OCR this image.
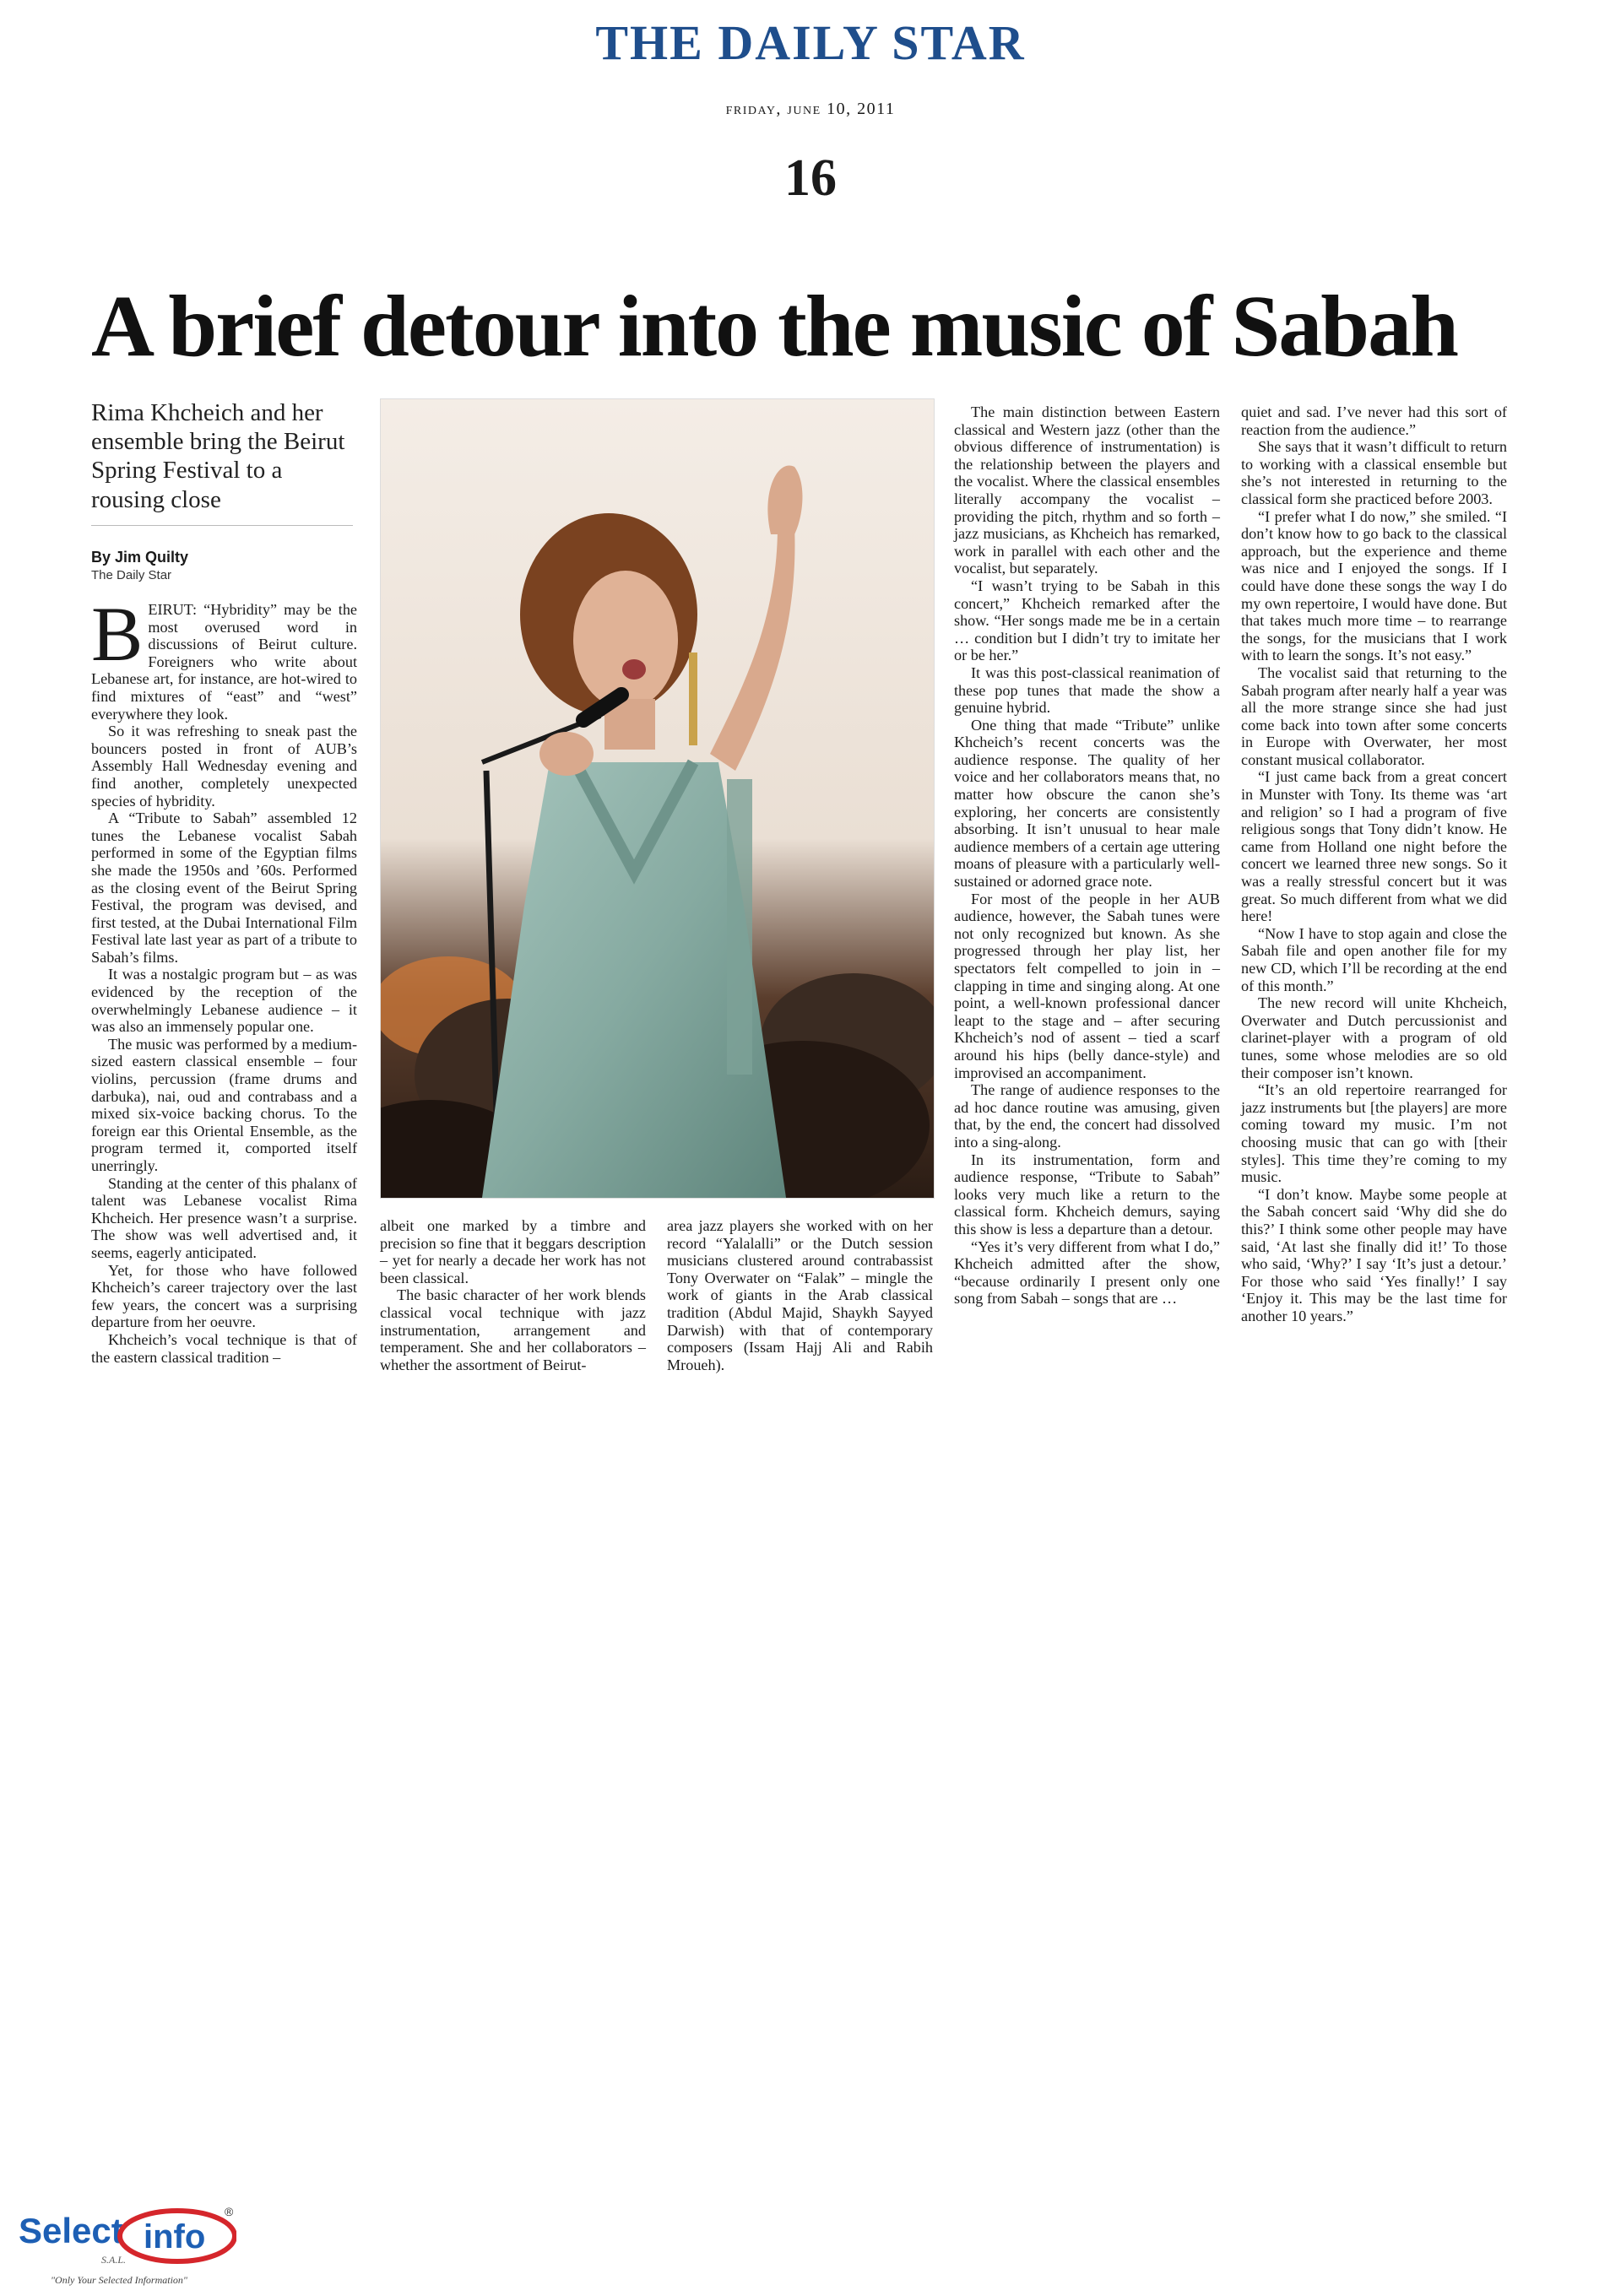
THE DAILY STAR
friday, june 10, 2011
16
A brief detour into the music of Sabah
Rima Khcheich and her ensemble bring the Beirut Spring Festival to a rousing close
By Jim Quilty
The Daily Star

BEIRUT: “Hybridity” may be the most overused word in discussions of Beirut culture. Foreigners who write about Lebanese art, for instance, are hot-wired to find mixtures of “east” and “west” everywhere they look.

So it was refreshing to sneak past the bouncers posted in front of AUB’s Assembly Hall Wednesday evening and find another, completely unexpected species of hybridity.

A “Tribute to Sabah” assembled 12 tunes the Lebanese vocalist Sabah performed in some of the Egyptian films she made the 1950s and ’60s. Performed as the closing event of the Beirut Spring Festival, the program was devised, and first tested, at the Dubai International Film Festival late last year as part of a tribute to Sabah’s films.

It was a nostalgic program but – as was evidenced by the reception of the overwhelmingly Lebanese audience – it was also an immensely popular one.

The music was performed by a medium-sized eastern classical ensemble – four violins, percussion (frame drums and darbuka), nai, oud and contrabass and a mixed six-voice backing chorus. To the foreign ear this Oriental Ensemble, as the program termed it, comported itself unerringly.

Standing at the center of this phalanx of talent was Lebanese vocalist Rima Khcheich. Her presence wasn’t a surprise. The show was well advertised and, it seems, eagerly anticipated.

Yet, for those who have followed Khcheich’s career trajectory over the last few years, the concert was a surprising departure from her oeuvre.

Khcheich’s vocal technique is that of the eastern classical tradition –

albeit one marked by a timbre and precision so fine that it beggars description – yet for nearly a decade her work has not been classical.

The basic character of her work blends classical vocal technique with jazz instrumentation, arrangement and temperament. She and her collaborators – whether the assortment of Beirut-

area jazz players she worked with on her record “Yalalalli” or the Dutch session musicians clustered around contrabassist Tony Overwater on “Falak” – mingle the work of giants in the Arab classical tradition (Abdul Majid, Shaykh Sayyed Darwish) with that of contemporary composers (Issam Hajj Ali and Rabih Mroueh).

The main distinction between Eastern classical and Western jazz (other than the obvious difference of instrumentation) is the relationship between the players and the vocalist. Where the classical ensembles literally accompany the vocalist – providing the pitch, rhythm and so forth – jazz musicians, as Khcheich has remarked, work in parallel with each other and the vocalist, but separately.

“I wasn’t trying to be Sabah in this concert,” Khcheich remarked after the show. “Her songs made me be in a certain … condition but I didn’t try to imitate her or be her.”

It was this post-classical reanimation of these pop tunes that made the show a genuine hybrid.

One thing that made “Tribute” unlike Khcheich’s recent concerts was the audience response. The quality of her voice and her collaborators means that, no matter how obscure the canon she’s exploring, her concerts are consistently absorbing. It isn’t unusual to hear male audience members of a certain age uttering moans of pleasure with a particularly well-sustained or adorned grace note.

For most of the people in her AUB audience, however, the Sabah tunes were not only recognized but known. As she progressed through her play list, her spectators felt compelled to join in – clapping in time and singing along. At one point, a well-known professional dancer leapt to the stage and – after securing Khcheich’s nod of assent – tied a scarf around his hips (belly dance-style) and improvised an accompaniment.

The range of audience responses to the ad hoc dance routine was amusing, given that, by the end, the concert had dissolved into a sing-along.

In its instrumentation, form and audience response, “Tribute to Sabah” looks very much like a return to the classical form. Khcheich demurs, saying this show is less a departure than a detour.

“Yes it’s very different from what I do,” Khcheich admitted after the show, “because ordinarily I present only one song from Sabah – songs that are …

quiet and sad. I’ve never had this sort of reaction from the audience.”

She says that it wasn’t difficult to return to working with a classical ensemble but she’s not interested in returning to the classical form she practiced before 2003.

“I prefer what I do now,” she smiled. “I don’t know how to go back to the classical approach, but the experience and theme was nice and I enjoyed the songs. If I could have done these songs the way I do my own repertoire, I would have done. But that takes much more time – to rearrange the songs, for the musicians that I work with to learn the songs. It’s not easy.”

The vocalist said that returning to the Sabah program after nearly half a year was all the more strange since she had just come back into town after some concerts in Europe with Overwater, her most constant musical collaborator.

“I just came back from a great concert in Munster with Tony. Its theme was ‘art and religion’ so I had a program of five religious songs that Tony didn’t know. He came from Holland one night before the concert we learned three new songs. So it was a really stressful concert but it was great. So much different from what we did here!

“Now I have to stop again and close the Sabah file and open another file for my new CD, which I’ll be recording at the end of this month.”

The new record will unite Khcheich, Overwater and Dutch percussionist and clarinet-player with a program of old tunes, some whose melodies are so old their composer isn’t known.

“It’s an old repertoire rearranged for jazz instruments but [the players] are more coming toward my music. I’m not choosing music that can go with [their styles]. This time they’re coming to my music.

“I don’t know. Maybe some people at the Sabah concert said ‘Why did she do this?’ I think some other people may have said, ‘At last she finally did it!’ To those who said, ‘Why?’ I say ‘It’s just a detour.’ For those who said ‘Yes finally!’ I say ‘Enjoy it. This may be the last time for another 10 years.”

Select info
®
S.A.L.
"Only Your Selected Information"
